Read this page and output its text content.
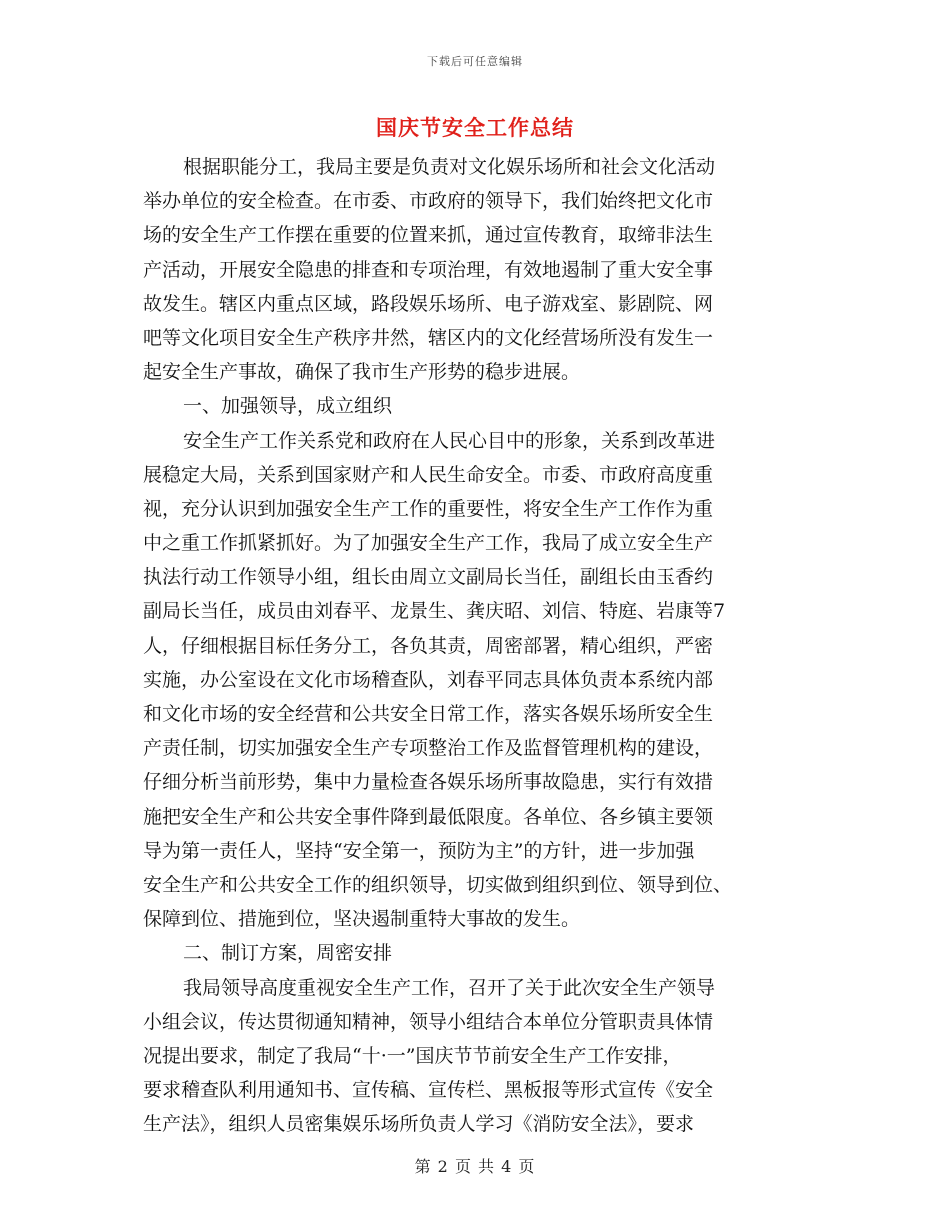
下载后可任意编辑
国庆节安全工作总结
根据职能分工，我局主要是负责对文化娱乐场所和社会文化活动
举办单位的安全检查。在市委、市政府的领导下，我们始终把文化市
场的安全生产工作摆在重要的位置来抓，通过宣传教育，取缔非法生
产活动，开展安全隐患的排查和专项治理，有效地遏制了重大安全事
故发生。辖区内重点区域，路段娱乐场所、电子游戏室、影剧院、网
吧等文化项目安全生产秩序井然，辖区内的文化经营场所没有发生一
起安全生产事故，确保了我市生产形势的稳步进展。
一、加强领导，成立组织
安全生产工作关系党和政府在人民心目中的形象，关系到改革进
展稳定大局，关系到国家财产和人民生命安全。市委、市政府高度重
视，充分认识到加强安全生产工作的重要性，将安全生产工作作为重
中之重工作抓紧抓好。为了加强安全生产工作，我局了成立安全生产
执法行动工作领导小组，组长由周立文副局长当任，副组长由玉香约
副局长当任，成员由刘春平、龙景生、龚庆昭、刘信、特庭、岩康等7
人，仔细根据目标任务分工，各负其责，周密部署，精心组织，严密
实施，办公室设在文化市场稽查队，刘春平同志具体负责本系统内部
和文化市场的安全经营和公共安全日常工作，落实各娱乐场所安全生
产责任制，切实加强安全生产专项整治工作及监督管理机构的建设，
仔细分析当前形势，集中力量检查各娱乐场所事故隐患，实行有效措
施把安全生产和公共安全事件降到最低限度。各单位、各乡镇主要领
导为第一责任人，坚持“安全第一，预防为主”的方针，进一步加强
安全生产和公共安全工作的组织领导，切实做到组织到位、领导到位、
保障到位、措施到位，坚决遏制重特大事故的发生。
二、制订方案，周密安排
我局领导高度重视安全生产工作，召开了关于此次安全生产领导
小组会议，传达贯彻通知精神，领导小组结合本单位分管职责具体情
况提出要求，制定了我局“十·一”国庆节节前安全生产工作安排，
要求稽查队利用通知书、宣传稿、宣传栏、黑板报等形式宣传《安全
生产法》，组织人员密集娱乐场所负责人学习《消防安全法》，要求
第 2 页 共 4 页
